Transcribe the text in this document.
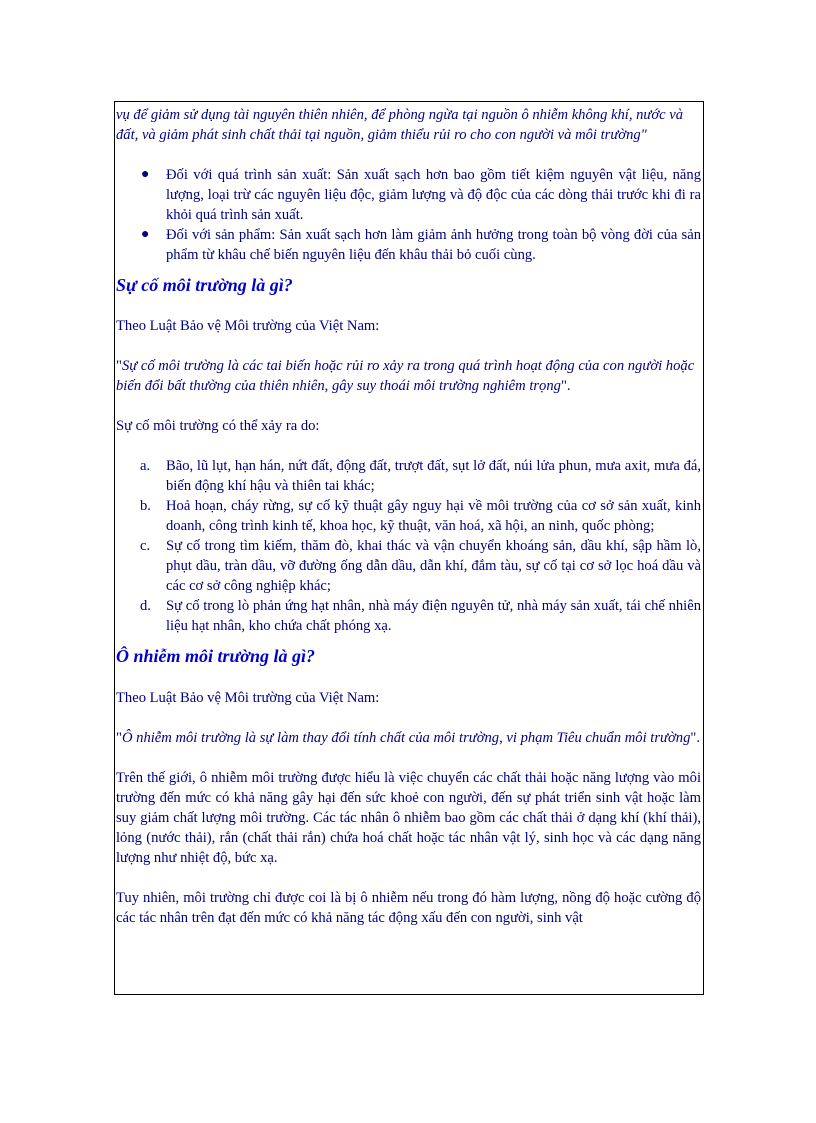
vụ để giảm sử dụng tài nguyên thiên nhiên, để phòng ngừa tại nguồn ô nhiễm không khí, nước và đất, và giảm phát sinh chất thải tại nguồn, giảm thiểu rủi ro cho con người và môi trường"

● Đối với quá trình sản xuất: Sản xuất sạch hơn bao gồm tiết kiệm nguyên vật liệu, năng lượng, loại trừ các nguyên liệu độc, giảm lượng và độ độc của các dòng thải trước khi đi ra khỏi quá trình sản xuất.
● Đối với sản phẩm: Sản xuất sạch hơn làm giảm ảnh hưởng trong toàn bộ vòng đời của sản phẩm từ khâu chế biến nguyên liệu đến khâu thải bỏ cuối cùng.
Sự cố môi trường là gì?

Theo Luật Bảo vệ Môi trường của Việt Nam:

"Sự cố môi trường là các tai biến hoặc rủi ro xảy ra trong quá trình hoạt động của con người hoặc biến đổi bất thường của thiên nhiên, gây suy thoái môi trường nghiêm trọng".

Sự cố môi trường có thể xảy ra do:

a. Bão, lũ lụt, hạn hán, nứt đất, động đất, trượt đất, sụt lở đất, núi lửa phun, mưa axit, mưa đá, biến động khí hậu và thiên tai khác;
b. Hoả hoạn, cháy rừng, sự cố kỹ thuật gây nguy hại về môi trường của cơ sở sản xuất, kinh doanh, công trình kinh tế, khoa học, kỹ thuật, văn hoá, xã hội, an ninh, quốc phòng;
c. Sự cố trong tìm kiếm, thăm đò, khai thác và vận chuyển khoáng sản, dầu khí, sập hầm lò, phụt dầu, tràn dầu, vỡ đường ống dẫn dầu, dẫn khí, đắm tàu, sự cố tại cơ sở lọc hoá dầu và các cơ sở công nghiệp khác;
d. Sự cố trong lò phản ứng hạt nhân, nhà máy điện nguyên tử, nhà máy sản xuất, tái chế nhiên liệu hạt nhân, kho chứa chất phóng xạ.
Ô nhiễm môi trường là gì?

Theo Luật Bảo vệ Môi trường của Việt Nam:

"Ô nhiễm môi trường là sự làm thay đổi tính chất của môi trường, vi phạm Tiêu chuẩn môi trường".

Trên thế giới, ô nhiễm môi trường được hiểu là việc chuyển các chất thải hoặc năng lượng vào môi trường đến mức có khả năng gây hại đến sức khoẻ con người, đến sự phát triển sinh vật hoặc làm suy giảm chất lượng môi trường. Các tác nhân ô nhiễm bao gồm các chất thải ở dạng khí (khí thải), lỏng (nước thải), rắn (chất thải rắn) chứa hoá chất hoặc tác nhân vật lý, sinh học và các dạng năng lượng như nhiệt độ, bức xạ.

Tuy nhiên, môi trường chỉ được coi là bị ô nhiễm nếu trong đó hàm lượng, nồng độ hoặc cường độ các tác nhân trên đạt đến mức có khả năng tác động xấu đến con người, sinh vật
